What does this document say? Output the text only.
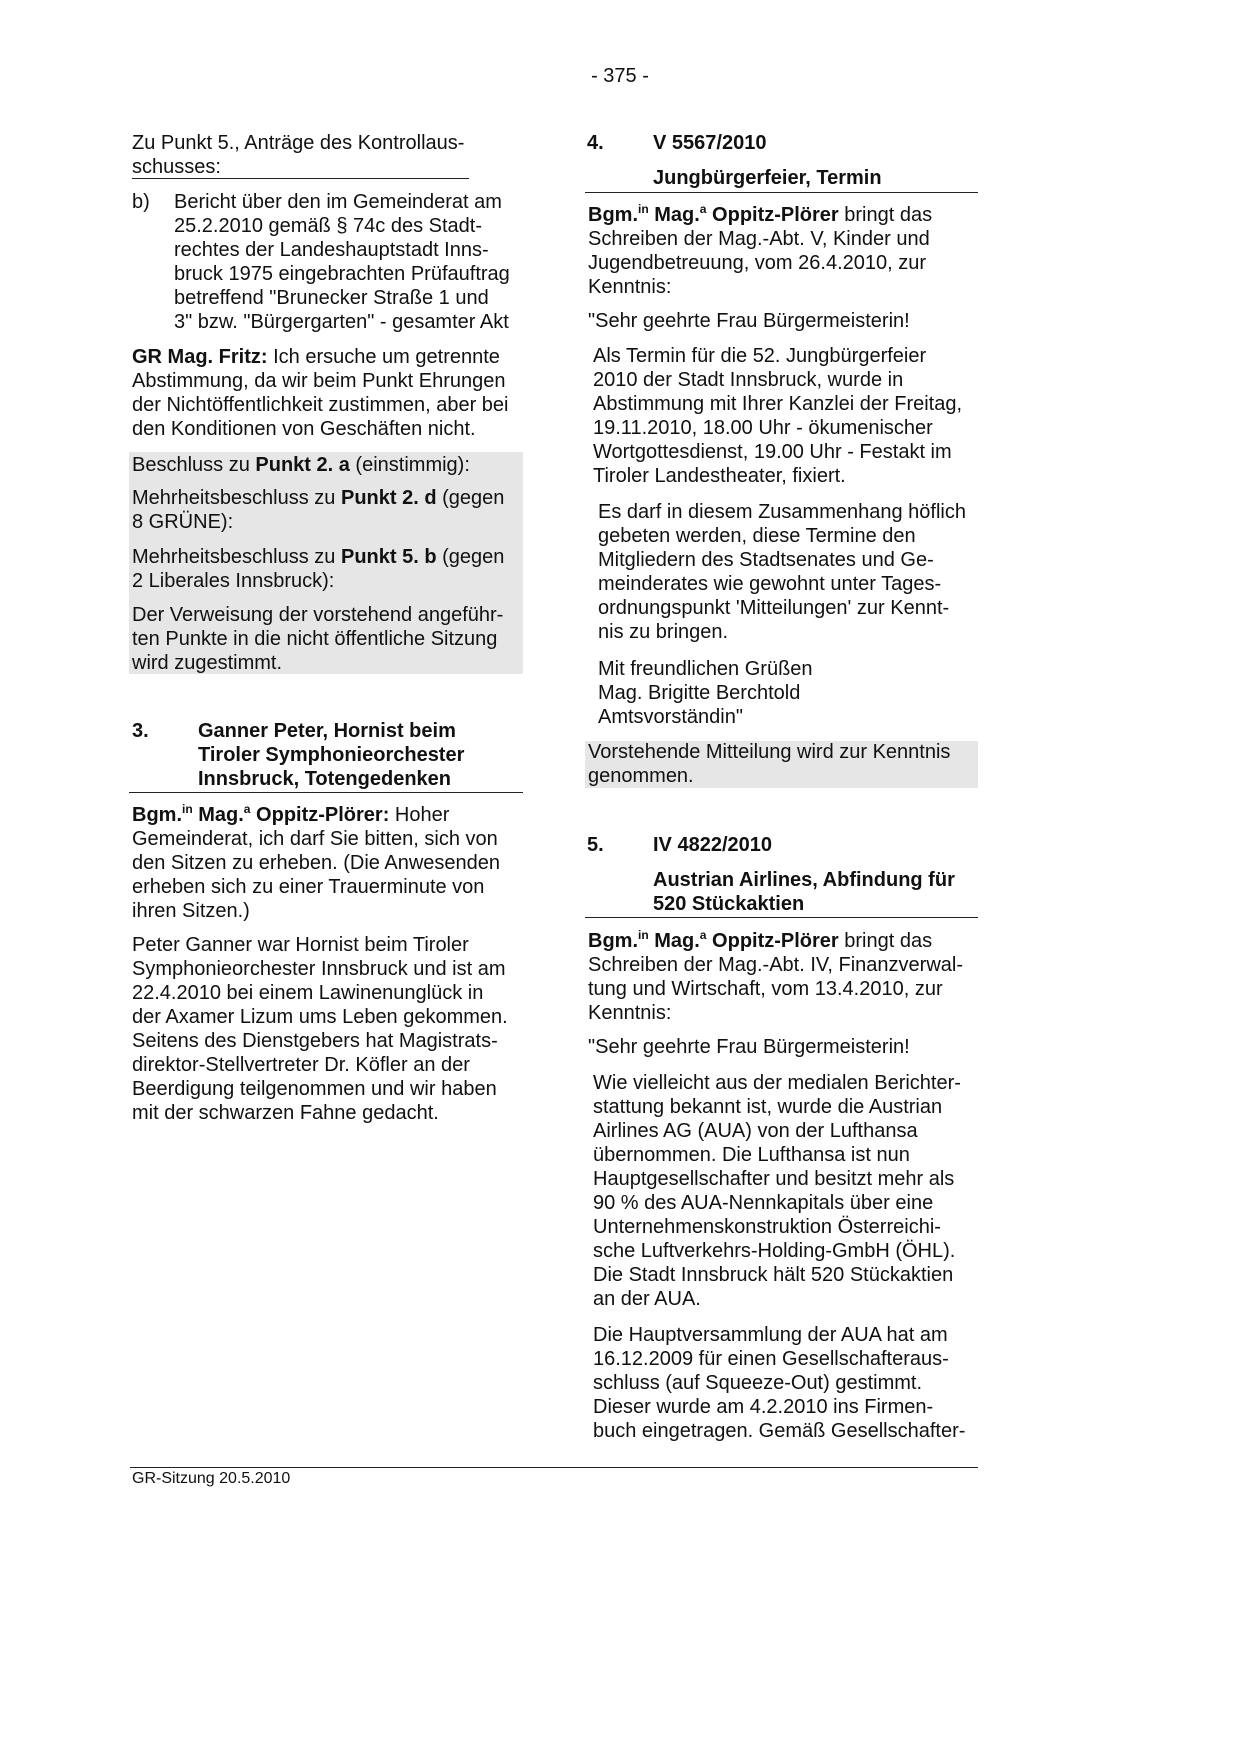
- 375 -
Zu Punkt 5., Anträge des Kontrollaus-
schusses:
b) Bericht über den im Gemeinderat am
25.2.2010 gemäß § 74c des Stadt-
rechtes der Landeshauptstadt Inns-
bruck 1975 eingebrachten Prüfauftrag
betreffend "Brunecker Straße 1 und
3" bzw. "Bürgergarten" - gesamter Akt
GR Mag. Fritz: Ich ersuche um getrennte
Abstimmung, da wir beim Punkt Ehrungen
der Nichtöffentlichkeit zustimmen, aber bei
den Konditionen von Geschäften nicht.
Beschluss zu Punkt 2. a (einstimmig):
Mehrheitsbeschluss zu Punkt 2. d (gegen
8 GRÜNE):
Mehrheitsbeschluss zu Punkt 5. b (gegen
2 Liberales Innsbruck):
Der Verweisung der vorstehend angeführ-
ten Punkte in die nicht öffentliche Sitzung
wird zugestimmt.
3. Ganner Peter, Hornist beim
Tiroler Symphonieorchester
Innsbruck, Totengedenken
Bgm.$^{in}$ Mag.$^a$ Oppitz-Plörer: Hoher
Gemeinderat, ich darf Sie bitten, sich von
den Sitzen zu erheben. (Die Anwesenden
erheben sich zu einer Trauerminute von
ihren Sitzen.)
Peter Ganner war Hornist beim Tiroler
Symphonieorchester Innsbruck und ist am
22.4.2010 bei einem Lawinenunglück in
der Axamer Lizum ums Leben gekommen.
Seitens des Dienstgebers hat Magistrats-
direktor-Stellvertreter Dr. Köfler an der
Beerdigung teilgenommen und wir haben
mit der schwarzen Fahne gedacht.
4. V 5567/2010
Jungbürgerfeier, Termin
Bgm.$^{in}$ Mag.$^a$ Oppitz-Plörer bringt das
Schreiben der Mag.-Abt. V, Kinder und
Jugendbetreuung, vom 26.4.2010, zur
Kenntnis:
"Sehr geehrte Frau Bürgermeisterin!
Als Termin für die 52. Jungbürgerfeier
2010 der Stadt Innsbruck, wurde in
Abstimmung mit Ihrer Kanzlei der Freitag,
19.11.2010, 18.00 Uhr - ökumenischer
Wortgottesdienst, 19.00 Uhr - Festakt im
Tiroler Landestheater, fixiert.
Es darf in diesem Zusammenhang höflich
gebeten werden, diese Termine den
Mitgliedern des Stadtsenates und Ge-
meinderates wie gewohnt unter Tages-
ordnungspunkt 'Mitteilungen' zur Kennt-
nis zu bringen.
Mit freundlichen Grüßen
Mag. Brigitte Berchtold
Amtsvorständin"
Vorstehende Mitteilung wird zur Kenntnis
genommen.
5. IV 4822/2010
Austrian Airlines, Abfindung für
520 Stückaktien
Bgm.$^{in}$ Mag.$^a$ Oppitz-Plörer bringt das
Schreiben der Mag.-Abt. IV, Finanzverwal-
tung und Wirtschaft, vom 13.4.2010, zur
Kenntnis:
"Sehr geehrte Frau Bürgermeisterin!
Wie vielleicht aus der medialen Berichter-
stattung bekannt ist, wurde die Austrian
Airlines AG (AUA) von der Lufthansa
übernommen. Die Lufthansa ist nun
Hauptgesellschafter und besitzt mehr als
90 % des AUA-Nennkapitals über eine
Unternehmenskonstruktion Österreichi-
sche Luftverkehrs-Holding-GmbH (ÖHL).
Die Stadt Innsbruck hält 520 Stückaktien
an der AUA.
Die Hauptversammlung der AUA hat am
16.12.2009 für einen Gesellschafteraus-
schluss (auf Squeeze-Out) gestimmt.
Dieser wurde am 4.2.2010 ins Firmen-
buch eingetragen. Gemäß Gesellschafter-
GR-Sitzung 20.5.2010
